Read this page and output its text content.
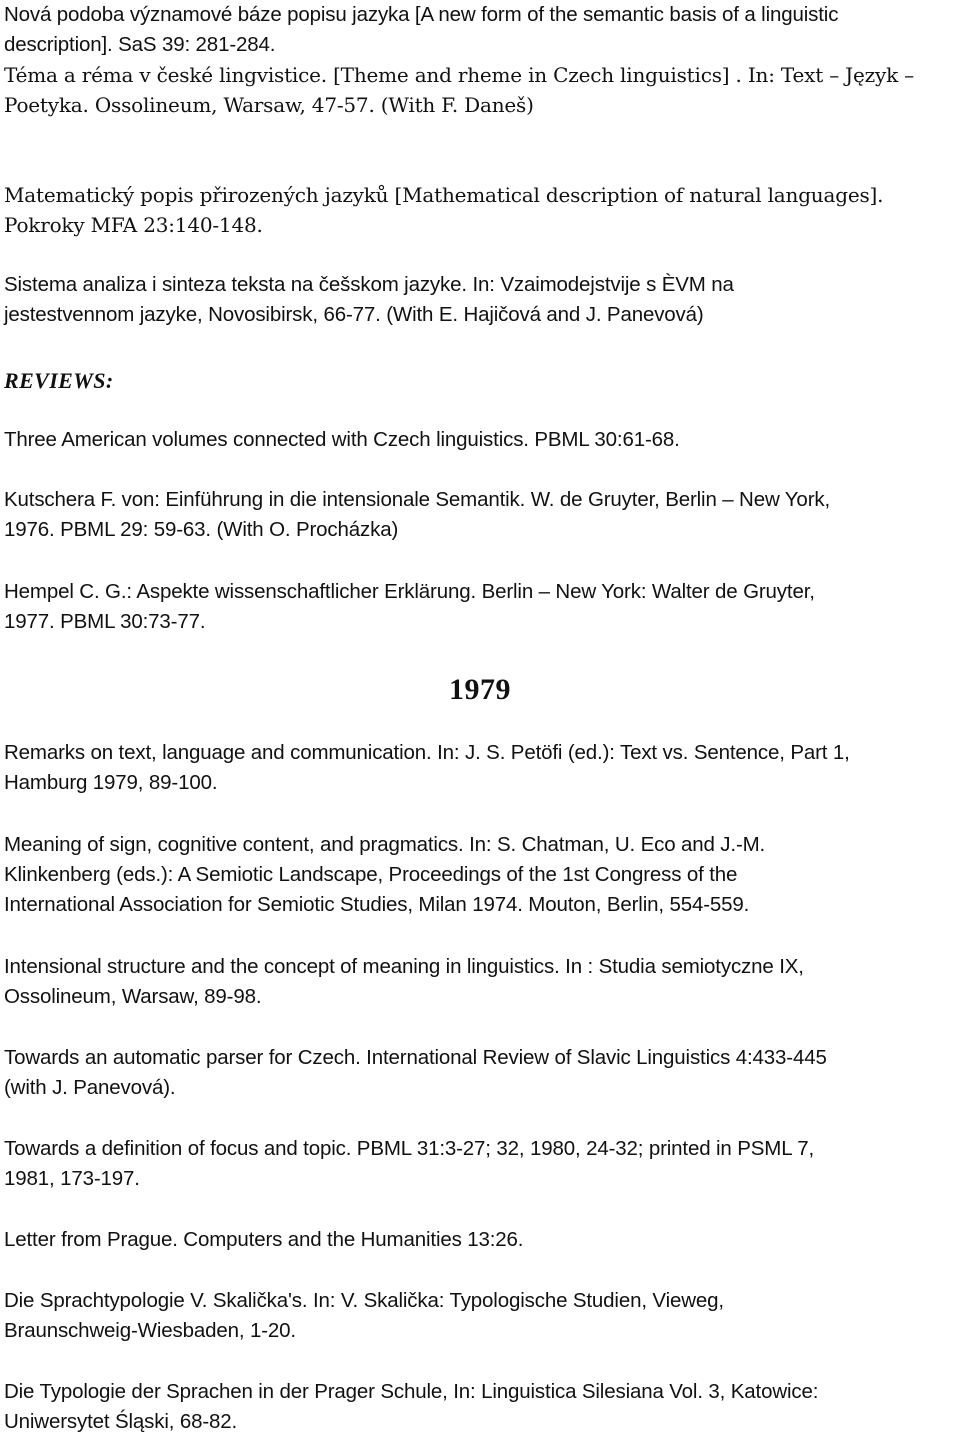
Nová podoba významové báze popisu jazyka [A new form of the semantic basis of a linguistic
description]. SaS 39: 281-284.
Téma a réma v české lingvistice. [Theme and rheme in Czech linguistics] . In: Text – Język –
Poetyka. Ossolineum, Warsaw, 47-57. (With F. Daneš)
Matematický popis přirozených jazyků [Mathematical description of natural languages].
Pokroky MFA 23:140-148.
Sistema analiza i sinteza teksta na češskom jazyke. In: Vzaimodejstvije s ÈVM na
jestestvennom jazyke, Novosibirsk, 66-77. (With E. Hajičová and J. Panevová)
REVIEWS:
Three American volumes connected with Czech linguistics. PBML 30:61-68.
Kutschera F. von: Einführung in die intensionale Semantik. W. de Gruyter, Berlin – New York,
1976. PBML 29: 59-63. (With O. Procházka)
Hempel C. G.: Aspekte wissenschaftlicher Erklärung. Berlin – New York: Walter de Gruyter,
1977. PBML 30:73-77.
1979
Remarks on text, language and communication. In: J. S. Petöfi (ed.): Text vs. Sentence, Part 1,
Hamburg 1979, 89-100.
Meaning of sign, cognitive content, and pragmatics. In: S. Chatman, U. Eco and J.-M.
Klinkenberg (eds.): A Semiotic Landscape, Proceedings of the 1st Congress of the
International Association for Semiotic Studies, Milan 1974. Mouton, Berlin, 554-559.
Intensional structure and the concept of meaning in linguistics. In : Studia semiotyczne IX,
Ossolineum, Warsaw, 89-98.
Towards an automatic parser for Czech. International Review of Slavic Linguistics 4:433-445
(with J. Panevová).
Towards a definition of focus and topic. PBML 31:3-27; 32, 1980, 24-32; printed in PSML 7,
1981, 173-197.
Letter from Prague. Computers and the Humanities 13:26.
Die Sprachtypologie V. Skalička's. In: V. Skalička: Typologische Studien, Vieweg,
Braunschweig-Wiesbaden, 1-20.
Die Typologie der Sprachen in der Prager Schule, In: Linguistica Silesiana Vol. 3, Katowice:
Uniwersytet Śląski, 68-82.
